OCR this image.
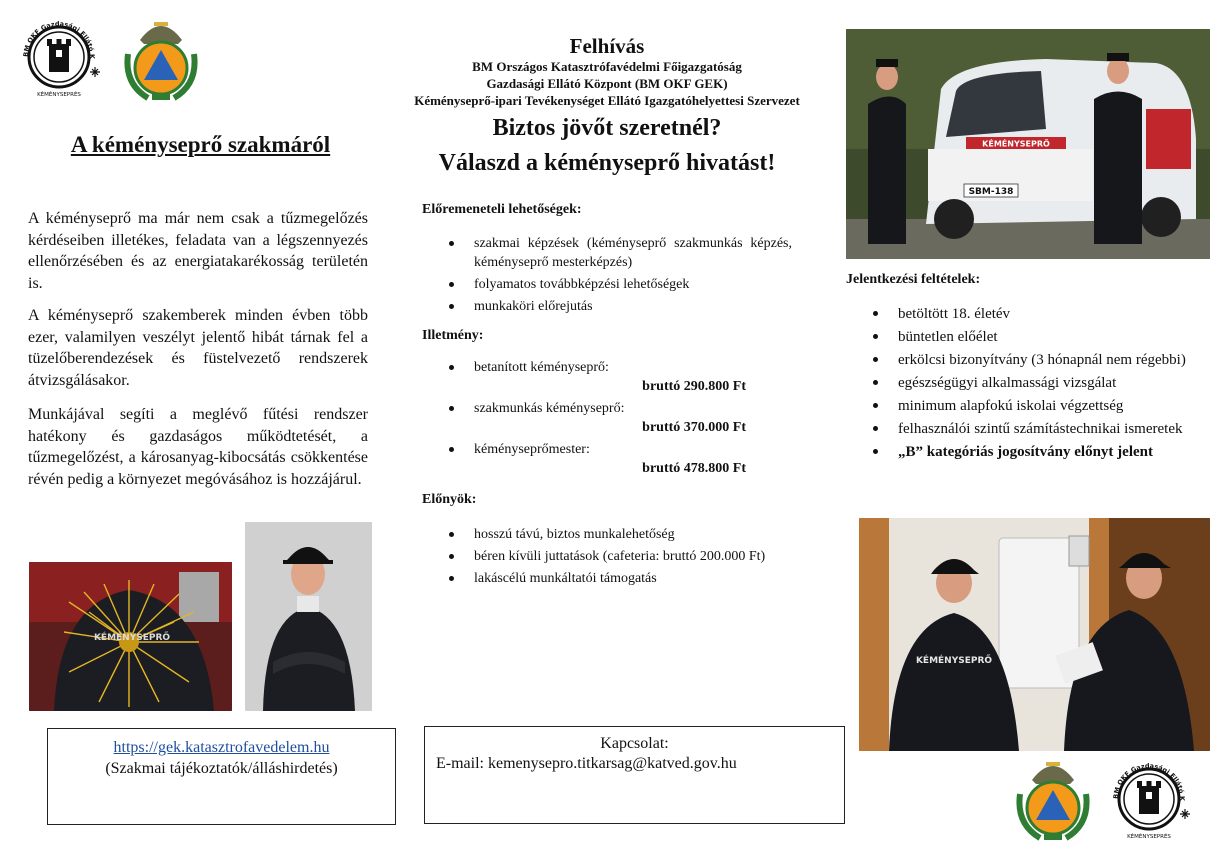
BM OKF Gazdasági Ellátó K
KÉMÉNYSEPRÉS
A kéményseprő szakmáról

A kéményseprő ma már nem csak a tűzmegelőzés kérdéseiben illetékes, feladata van a légszennyezés ellenőrzésében és az energiatakarékosság területén is.

A kéményseprő szakemberek minden évben több ezer, valamilyen veszélyt jelentő hibát tárnak fel a tüzelőberendezések és füstelvezető rendszerek átvizsgálásakor.

Munkájával segíti a meglévő fűtési rendszer hatékony és gazdaságos működtetését, a tűzmegelőzést, a károsanyag-kibocsátás csökkentése révén pedig a környezet megóvásához is hozzájárul.

KÉMÉNYSEPRŐ
https://gek.katasztrofavedelem.hu
(Szakmai tájékoztatók/álláshirdetés)
Felhívás
BM Országos Katasztrófavédelmi Főigazgatóság
Gazdasági Ellátó Központ (BM OKF GEK)
Kéményseprő-ipari Tevékenységet Ellátó Igazgatóhelyettesi Szervezet
Biztos jövőt szeretnél?
Válaszd a kéményseprő hivatást!
Előremeneteli lehetőségek:
szakmai képzések (kéményseprő szakmunkás képzés, kéményseprő mesterképzés)
folyamatos továbbképzési lehetőségek
munkaköri előrejutás
Illetmény:
betanított kéményseprő:
bruttó 290.800 Ft
szakmunkás kéményseprő:
bruttó 370.000 Ft
kéményseprőmester:
bruttó 478.800 Ft
Előnyök:
hosszú távú, biztos munkalehetőség
béren kívüli juttatások (cafeteria: bruttó 200.000 Ft)
lakáscélú munkáltatói támogatás
Kapcsolat:
E-mail: kemenysepro.titkarsag@katved.gov.hu
KÉMÉNYSEPRŐ
SBM-138
Jelentkezési feltételek:
betöltött 18. életév
büntetlen előélet
erkölcsi bizonyítvány (3 hónapnál nem régebbi)
egészségügyi alkalmassági vizsgálat
minimum alapfokú iskolai végzettség
felhasználói szintű számítástechnikai ismeretek
„B” kategóriás jogosítvány előnyt jelent
KÉMÉNYSEPRŐ
BM OKF Gazdasági Ellátó K
KÉMÉNYSEPRÉS
